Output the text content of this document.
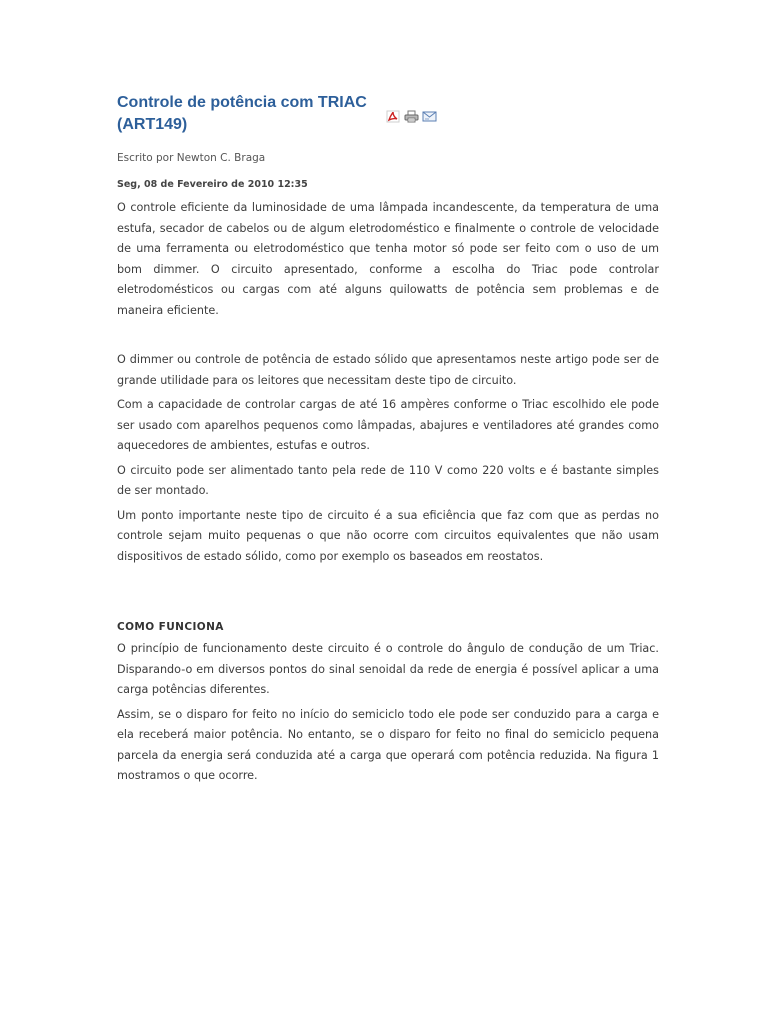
Controle de potência com TRIAC (ART149)
Escrito por Newton C. Braga
Seg, 08 de Fevereiro de 2010 12:35

O controle eficiente da luminosidade de uma lâmpada incandescente, da temperatura de uma estufa, secador de cabelos ou de algum eletrodoméstico e finalmente o controle de velocidade de uma ferramenta ou eletrodoméstico que tenha motor só pode ser feito com o uso de um bom dimmer. O circuito apresentado, conforme a escolha do Triac pode controlar eletrodomésticos ou cargas com até alguns quilowatts de potência sem problemas e de maneira eficiente.

O dimmer ou controle de potência de estado sólido que apresentamos neste artigo pode ser de grande utilidade para os leitores que necessitam deste tipo de circuito.

Com a capacidade de controlar cargas de até 16 ampères conforme o Triac escolhido ele pode ser usado com aparelhos pequenos como lâmpadas, abajures e ventiladores até grandes como aquecedores de ambientes, estufas e outros.

O circuito pode ser alimentado tanto pela rede de 110 V como 220 volts e é bastante simples de ser montado.

Um ponto importante neste tipo de circuito é a sua eficiência que faz com que as perdas no controle sejam muito pequenas o que não ocorre com circuitos equivalentes que não usam dispositivos de estado sólido, como por exemplo os baseados em reostatos.

COMO FUNCIONA

O princípio de funcionamento deste circuito é o controle do ângulo de condução de um Triac. Disparando-o em diversos pontos do sinal senoidal da rede de energia é possível aplicar a uma carga potências diferentes.

Assim, se o disparo for feito no início do semiciclo todo ele pode ser conduzido para a carga e ela receberá maior potência. No entanto, se o disparo for feito no final do semiciclo pequena parcela da energia será conduzida até a carga que operará com potência reduzida. Na figura 1 mostramos o que ocorre.
